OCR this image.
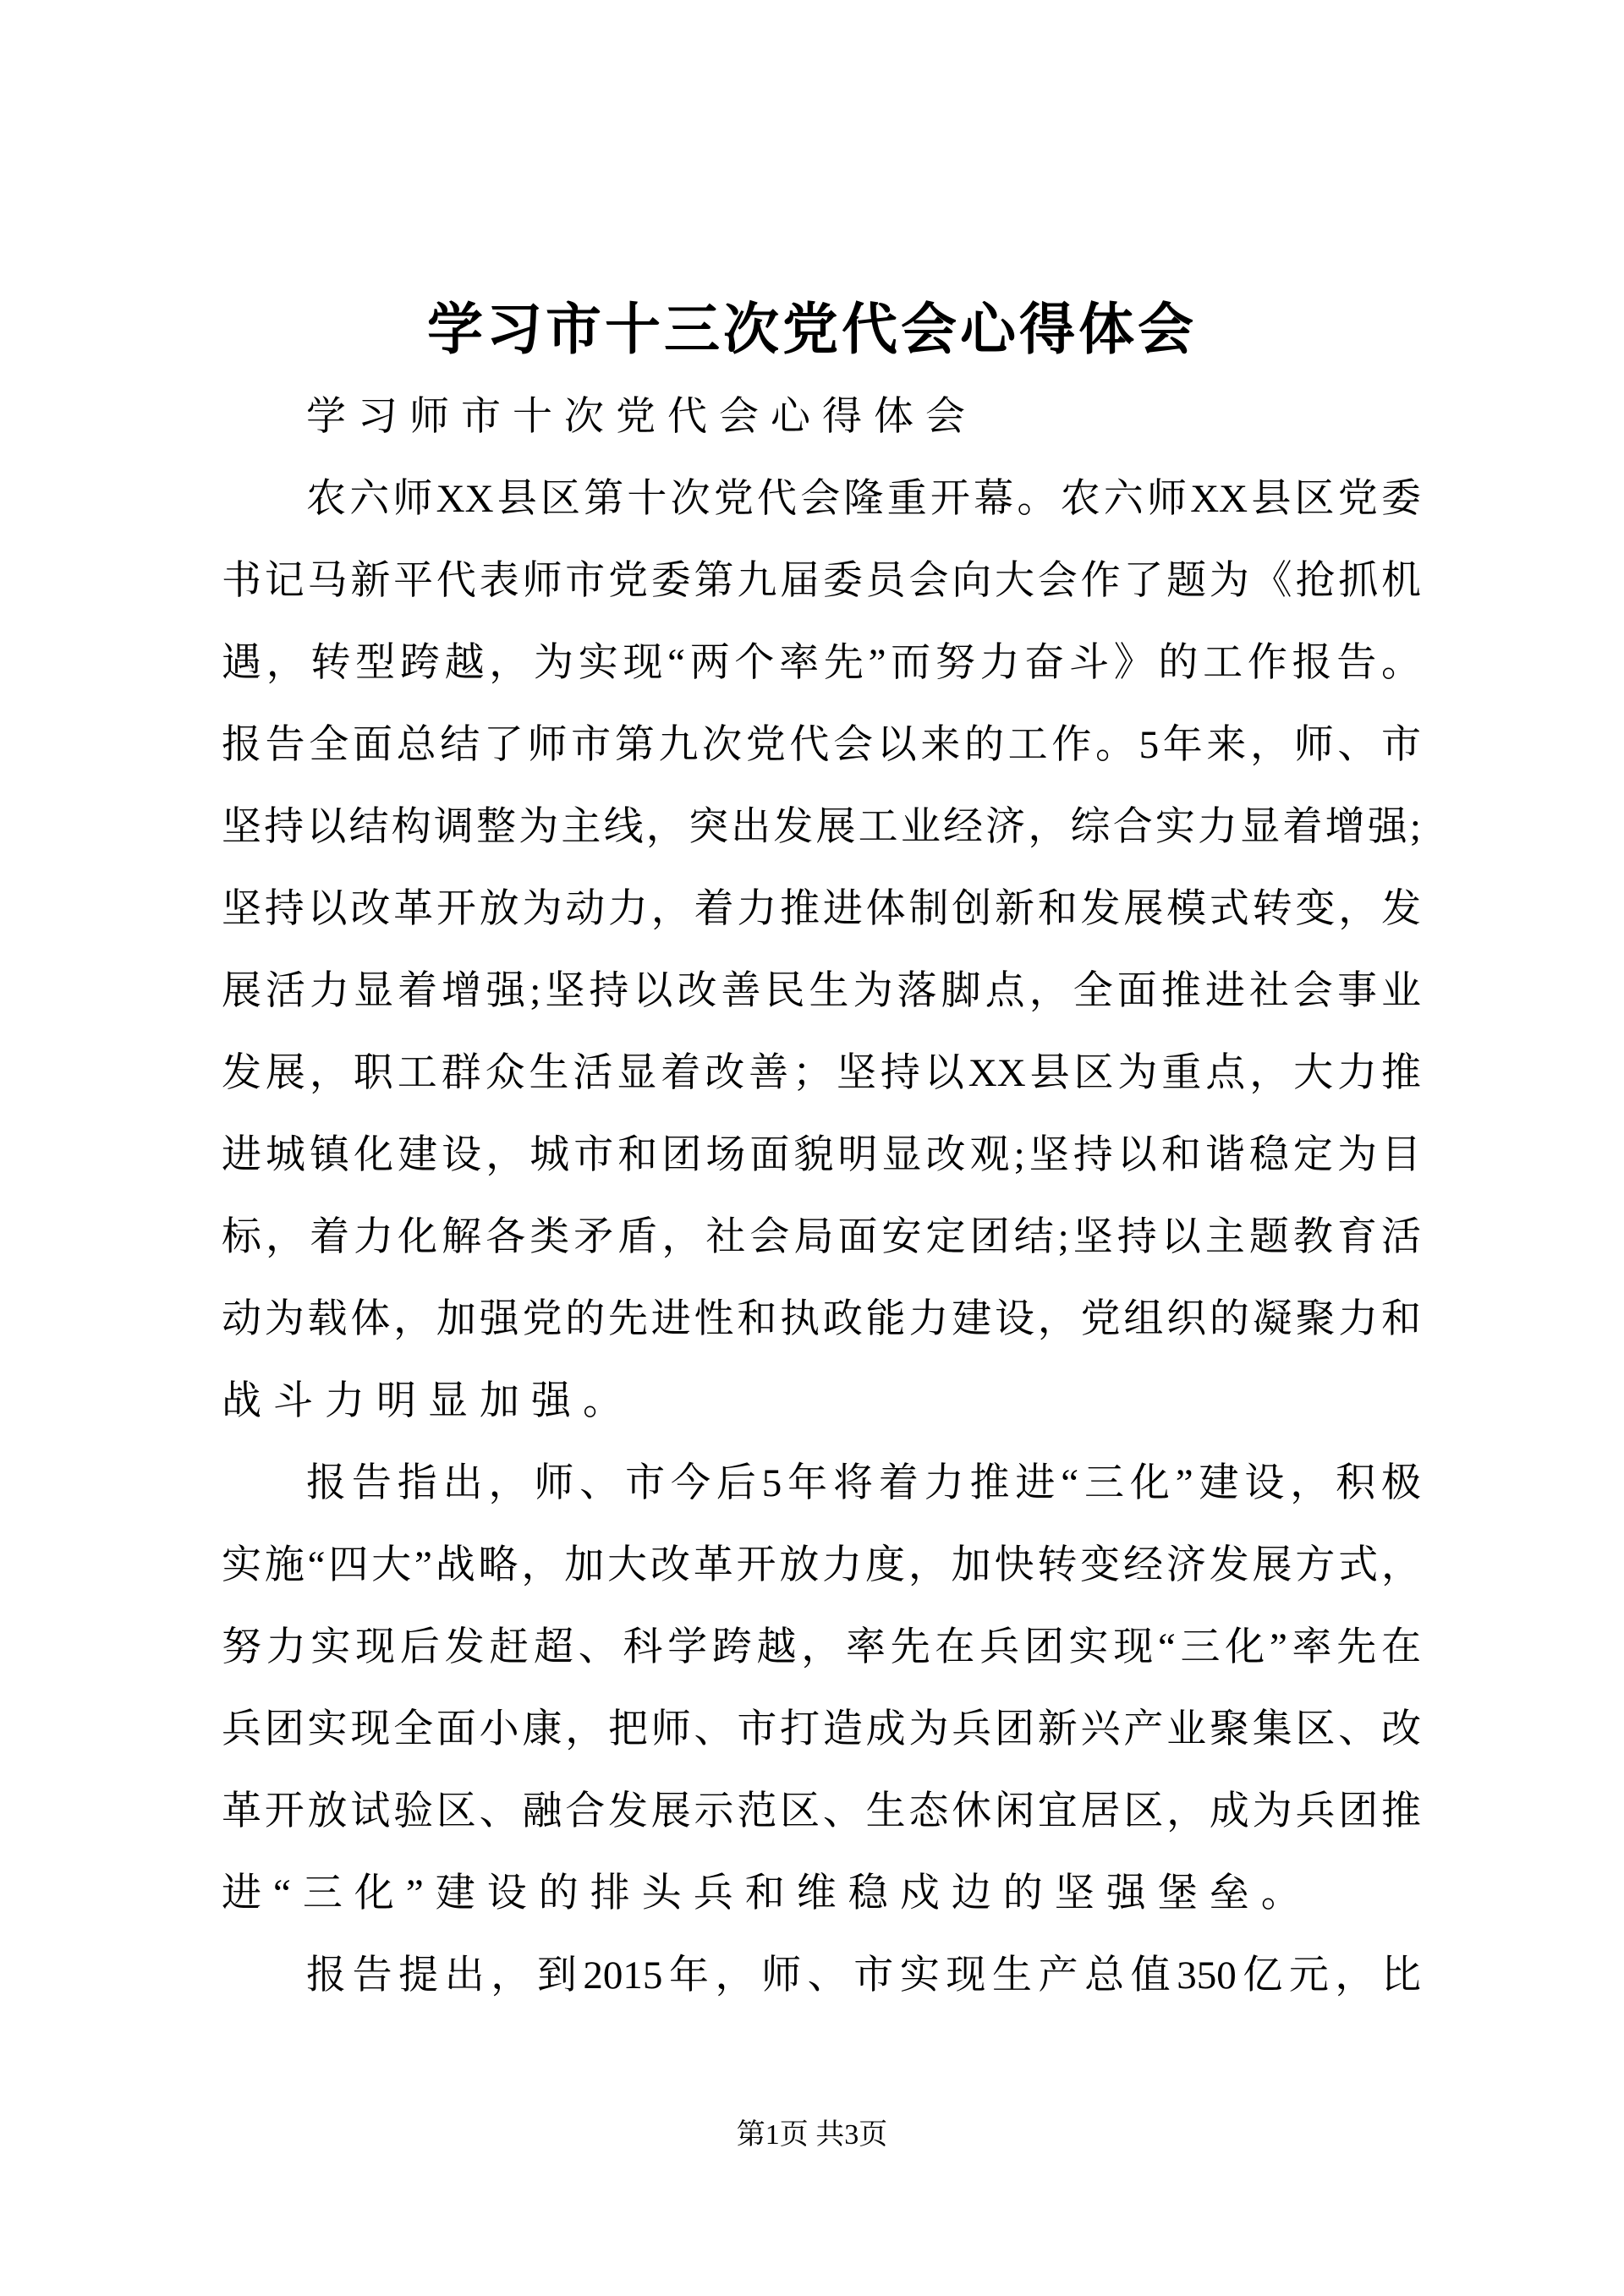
学习市十三次党代会心得体会
学习师市十次党代会心得体会
农六师XX县区第十次党代会隆重开幕。农六师XX县区党委
书记马新平代表师市党委第九届委员会向大会作了题为《抢抓机
遇，转型跨越，为实现“两个率先”而努力奋斗》的工作报告。
报告全面总结了师市第九次党代会以来的工作。5年来，师、市
坚持以结构调整为主线，突出发展工业经济，综合实力显着增强;
坚持以改革开放为动力，着力推进体制创新和发展模式转变，发
展活力显着增强;坚持以改善民生为落脚点，全面推进社会事业
发展，职工群众生活显着改善；坚持以XX县区为重点，大力推
进城镇化建设，城市和团场面貌明显改观;坚持以和谐稳定为目
标，着力化解各类矛盾，社会局面安定团结;坚持以主题教育活
动为载体，加强党的先进性和执政能力建设，党组织的凝聚力和
战斗力明显加强。
报告指出，师、市今后5年将着力推进“三化”建设，积极
实施“四大”战略，加大改革开放力度，加快转变经济发展方式，
努力实现后发赶超、科学跨越，率先在兵团实现“三化”率先在
兵团实现全面小康，把师、市打造成为兵团新兴产业聚集区、改
革开放试验区、融合发展示范区、生态休闲宜居区，成为兵团推
进“三化”建设的排头兵和维稳戍边的坚强堡垒。
报告提出，到2015年，师、市实现生产总值350亿元，比
第1页 共3页
